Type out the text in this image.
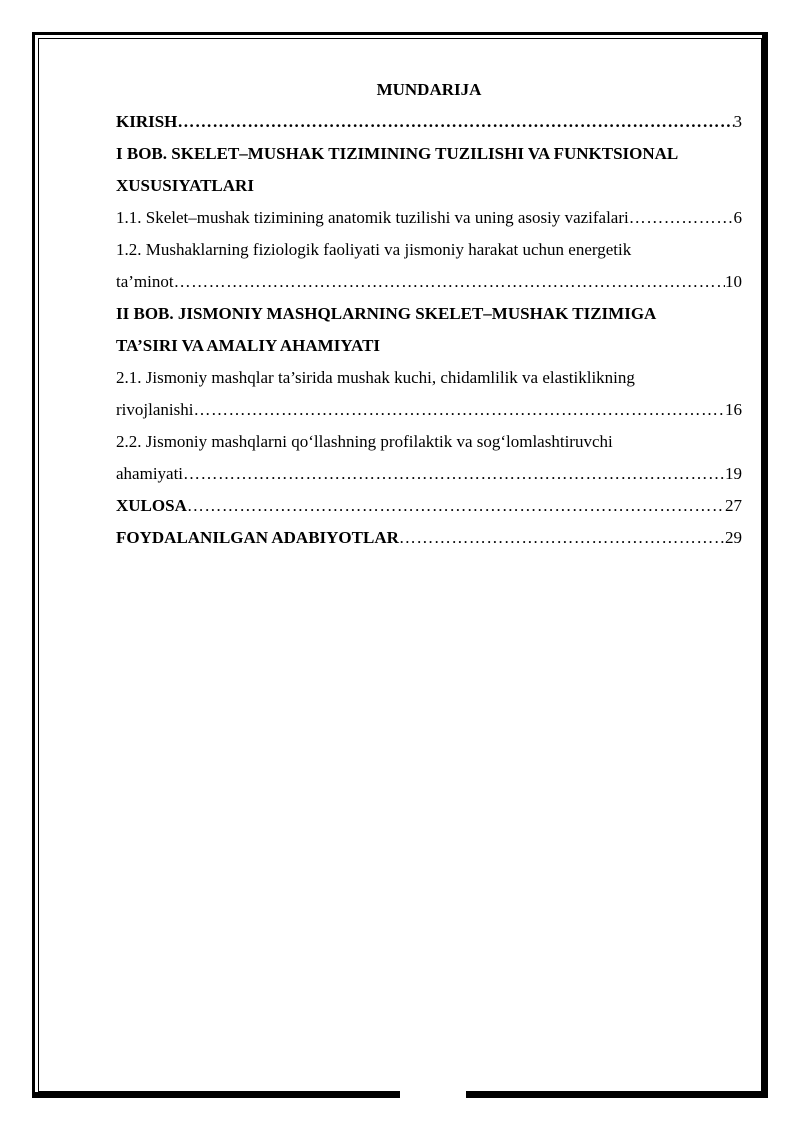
MUNDARIJA
KIRISH ……………………………………………………………………………………………………………………………………………………	3
I BOB. SKELET–MUSHAK TIZIMINING TUZILISHI VA FUNKTSIONAL
XUSUSIYATLARI
1.1. Skelet–mushak tizimining anatomik tuzilishi va uning asosiy vazifalari ……………………………………………………………………………………………………………………………………………………	6
1.2. Mushaklarning fiziologik faoliyati va jismoniy harakat uchun energetik
ta’minot ……………………………………………………………………………………………………………………………………………………	10
II BOB. JISMONIY MASHQLARNING SKELET–MUSHAK TIZIMIGA
TA’SIRI VA AMALIY AHAMIYATI
2.1. Jismoniy mashqlar ta’sirida mushak kuchi, chidamlilik va elastiklikning
rivojlanishi ……………………………………………………………………………………………………………………………………………………	16
2.2. Jismoniy mashqlarni qo‘llashning profilaktik va sog‘lomlashtiruvchi
ahamiyati ……………………………………………………………………………………………………………………………………………………	19
XULOSA ……………………………………………………………………………………………………………………………………………………	27
FOYDALANILGAN ADABIYOTLAR ……………………………………………………………………………………………………………………………………………………	29
